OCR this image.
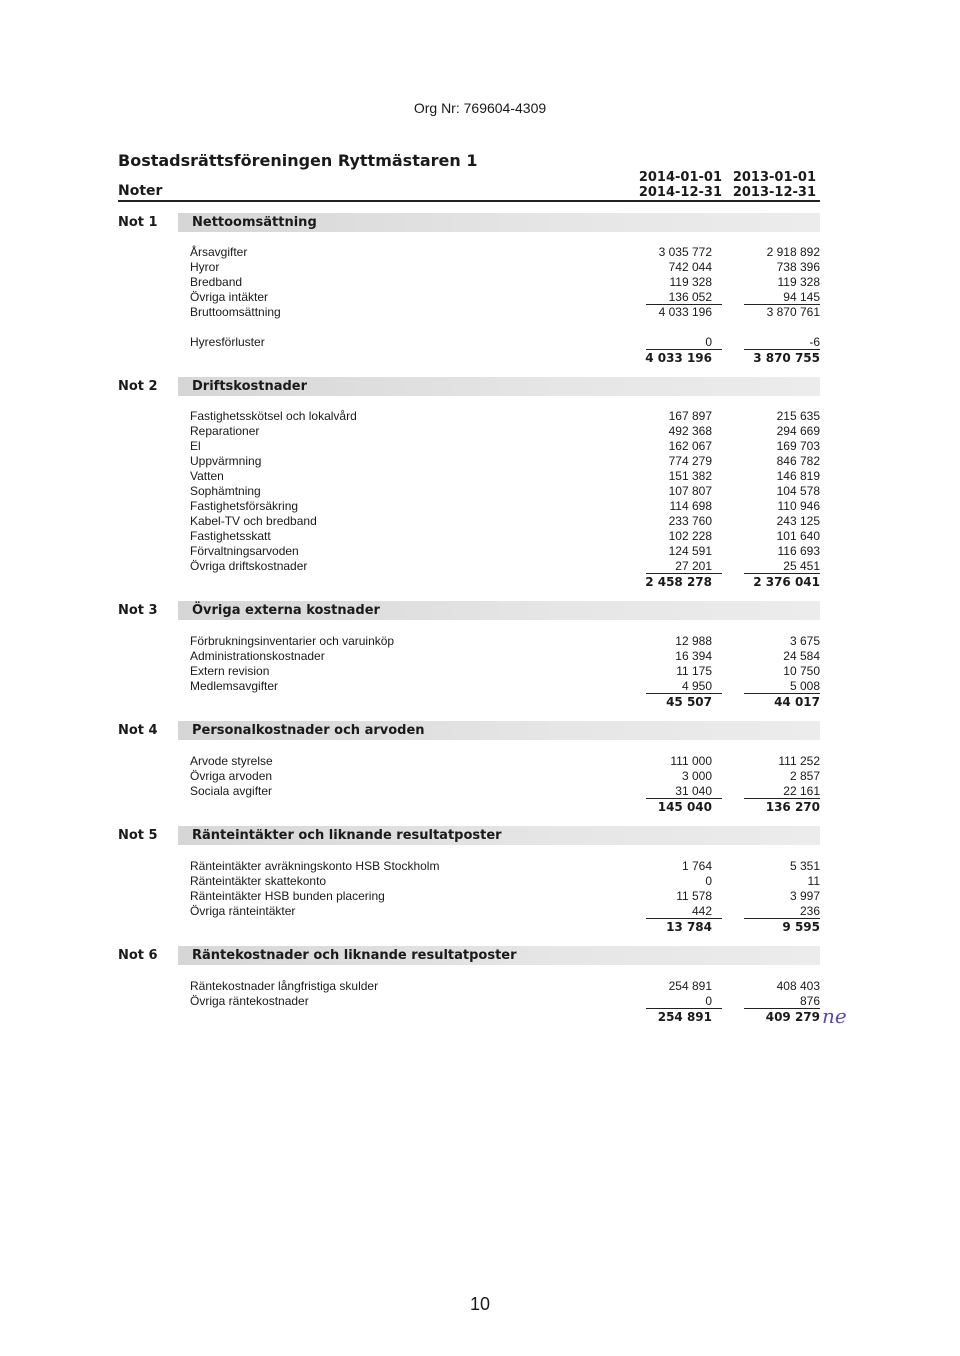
Org Nr: 769604-4309
Bostadsrättsföreningen Ryttmästaren 1
Noter
2014-01-01
2014-12-31
2013-01-01
2013-12-31
Not 1	Nettoomsättning
Årsavgifter	3 035 772	2 918 892
Hyror	742 044	738 396
Bredband	119 328	119 328
Övriga intäkter	136 052	94 145
Bruttoomsättning	4 033 196	3 870 761
Hyresförluster	0	-6
4 033 196	3 870 755
Not 2	Driftskostnader
Fastighetsskötsel och lokalvård	167 897	215 635
Reparationer	492 368	294 669
El	162 067	169 703
Uppvärmning	774 279	846 782
Vatten	151 382	146 819
Sophämtning	107 807	104 578
Fastighetsförsäkring	114 698	110 946
Kabel-TV och bredband	233 760	243 125
Fastighetsskatt	102 228	101 640
Förvaltningsarvoden	124 591	116 693
Övriga driftskostnader	27 201	25 451
2 458 278	2 376 041
Not 3	Övriga externa kostnader
Förbrukningsinventarier och varuinköp	12 988	3 675
Administrationskostnader	16 394	24 584
Extern revision	11 175	10 750
Medlemsavgifter	4 950	5 008
45 507	44 017
Not 4	Personalkostnader och arvoden
Arvode styrelse	111 000	111 252
Övriga arvoden	3 000	2 857
Sociala avgifter	31 040	22 161
145 040	136 270
Not 5	Ränteintäkter och liknande resultatposter
Ränteintäkter avräkningskonto HSB Stockholm	1 764	5 351
Ränteintäkter skattekonto	0	11
Ränteintäkter HSB bunden placering	11 578	3 997
Övriga ränteintäkter	442	236
13 784	9 595
Not 6	Räntekostnader och liknande resultatposter
Räntekostnader långfristiga skulder	254 891	408 403
Övriga räntekostnader	0	876
254 891	409 279 ne
10
